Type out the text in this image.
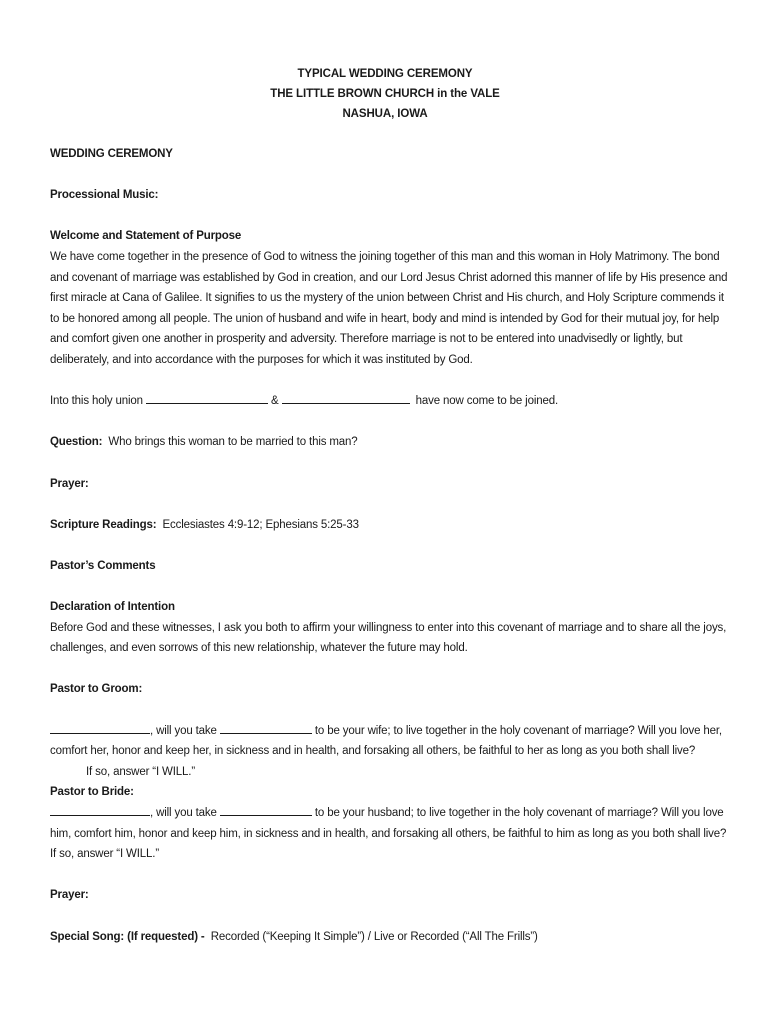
TYPICAL WEDDING CEREMONY
THE LITTLE BROWN CHURCH in the VALE
NASHUA, IOWA
WEDDING CEREMONY
Processional Music:
Welcome and Statement of Purpose
We have come together in the presence of God to witness the joining together of this man and this woman in Holy Matrimony. The bond and covenant of marriage was established by God in creation, and our Lord Jesus Christ adorned this manner of life by His presence and first miracle at Cana of Galilee. It signifies to us the mystery of the union between Christ and His church, and Holy Scripture commends it to be honored among all people. The union of husband and wife in heart, body and mind is intended by God for their mutual joy, for help and comfort given one another in prosperity and adversity. Therefore marriage is not to be entered into unadvisedly or lightly, but deliberately, and into accordance with the purposes for which it was instituted by God.
Into this holy union	&	have now come to be joined.
Question: Who brings this woman to be married to this man?
Prayer:
Scripture Readings: Ecclesiastes 4:9-12; Ephesians 5:25-33
Pastor’s Comments
Declaration of Intention
Before God and these witnesses, I ask you both to affirm your willingness to enter into this covenant of marriage and to share all the joys, challenges, and even sorrows of this new relationship, whatever the future may hold.
Pastor to Groom:
, will you take	to be your wife; to live together in the holy covenant of marriage? Will you love her, comfort her, honor and keep her, in sickness and in health, and forsaking all others, be faithful to her as long as you both shall live?
If so, answer “I WILL.”
Pastor to Bride:
, will you take	to be your husband; to live together in the holy covenant of marriage? Will you love him, comfort him, honor and keep him, in sickness and in health, and forsaking all others, be faithful to him as long as you both shall live? If so, answer “I WILL.”
Prayer:
Special Song: (If requested) - Recorded (“Keeping It Simple”) / Live or Recorded (“All The Frills”)
